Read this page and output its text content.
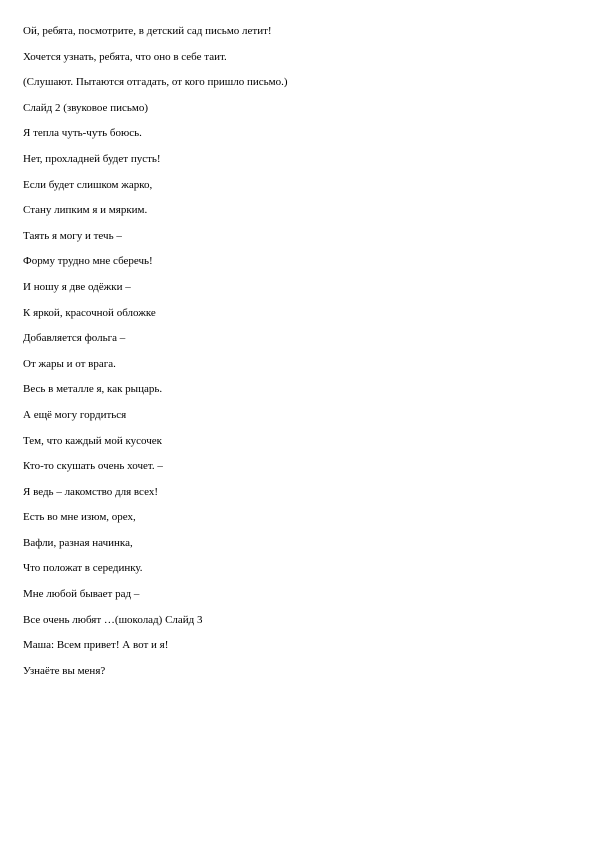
Ой, ребята, посмотрите, в детский сад письмо летит!
Хочется узнать, ребята, что оно в себе таит.
(Слушают. Пытаются отгадать, от кого пришло письмо.)
Слайд 2 (звуковое письмо)
Я тепла чуть-чуть боюсь.
Нет, прохладней будет пусть!
Если будет слишком жарко,
Стану липким я и мярким.
Таять я могу и течь –
Форму трудно мне сберечь!
И ношу я две одёжки –
К яркой, красочной обложке
Добавляется фольга –
От жары и от врага.
Весь в металле я, как рыцарь.
А ещё могу гордиться
Тем, что каждый мой кусочек
Кто-то скушать очень хочет. –
Я ведь – лакомство для всех!
Есть во мне изюм, орех,
Вафли, разная начинка,
Что положат в серединку.
Мне любой бывает рад –
Все очень любят …(шоколад) Слайд 3
Маша: Всем привет! А вот и я!
Узнаёте вы меня?
